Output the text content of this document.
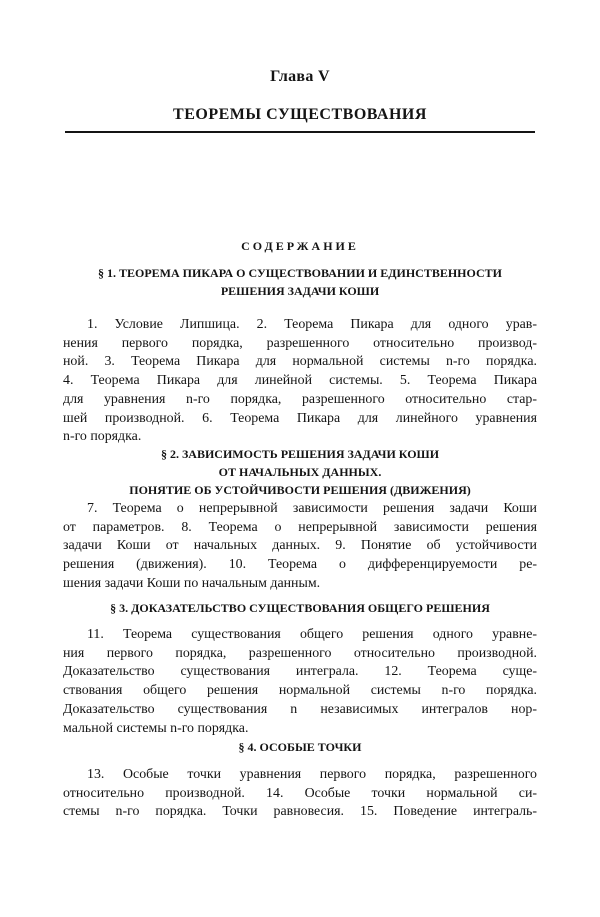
Глава V
ТЕОРЕМЫ СУЩЕСТВОВАНИЯ
СОДЕРЖАНИЕ
§ 1. ТЕОРЕМА ПИКАРА О СУЩЕСТВОВАНИИ И ЕДИНСТВЕННОСТИ
РЕШЕНИЯ ЗАДАЧИ КОШИ
1. Условие Липшица. 2. Теорема Пикара для одного урав-
нения первого порядка, разрешенного относительно производ-
ной. 3. Теорема Пикара для нормальной системы n-го порядка.
4. Теорема Пикара для линейной системы. 5. Теорема Пикара
для уравнения n-го порядка, разрешенного относительно стар-
шей производной. 6. Теорема Пикара для линейного уравнения
n-го порядка.
§ 2. ЗАВИСИМОСТЬ РЕШЕНИЯ ЗАДАЧИ КОШИ
ОТ НАЧАЛЬНЫХ ДАННЫХ.
ПОНЯТИЕ ОБ УСТОЙЧИВОСТИ РЕШЕНИЯ (ДВИЖЕНИЯ)
7. Теорема о непрерывной зависимости решения задачи Коши
от параметров. 8. Теорема о непрерывной зависимости решения
задачи Коши от начальных данных. 9. Понятие об устойчивости
решения (движения). 10. Теорема о дифференцируемости ре-
шения задачи Коши по начальным данным.
§ 3. ДОКАЗАТЕЛЬСТВО СУЩЕСТВОВАНИЯ ОБЩЕГО РЕШЕНИЯ
11. Теорема существования общего решения одного уравне-
ния первого порядка, разрешенного относительно производной.
Доказательство существования интеграла. 12. Теорема суще-
ствования общего решения нормальной системы n-го порядка.
Доказательство существования n независимых интегралов нор-
мальной системы n-го порядка.
§ 4. ОСОБЫЕ ТОЧКИ
13. Особые точки уравнения первого порядка, разрешенного
относительно производной. 14. Особые точки нормальной си-
стемы n-го порядка. Точки равновесия. 15. Поведение интеграль-
